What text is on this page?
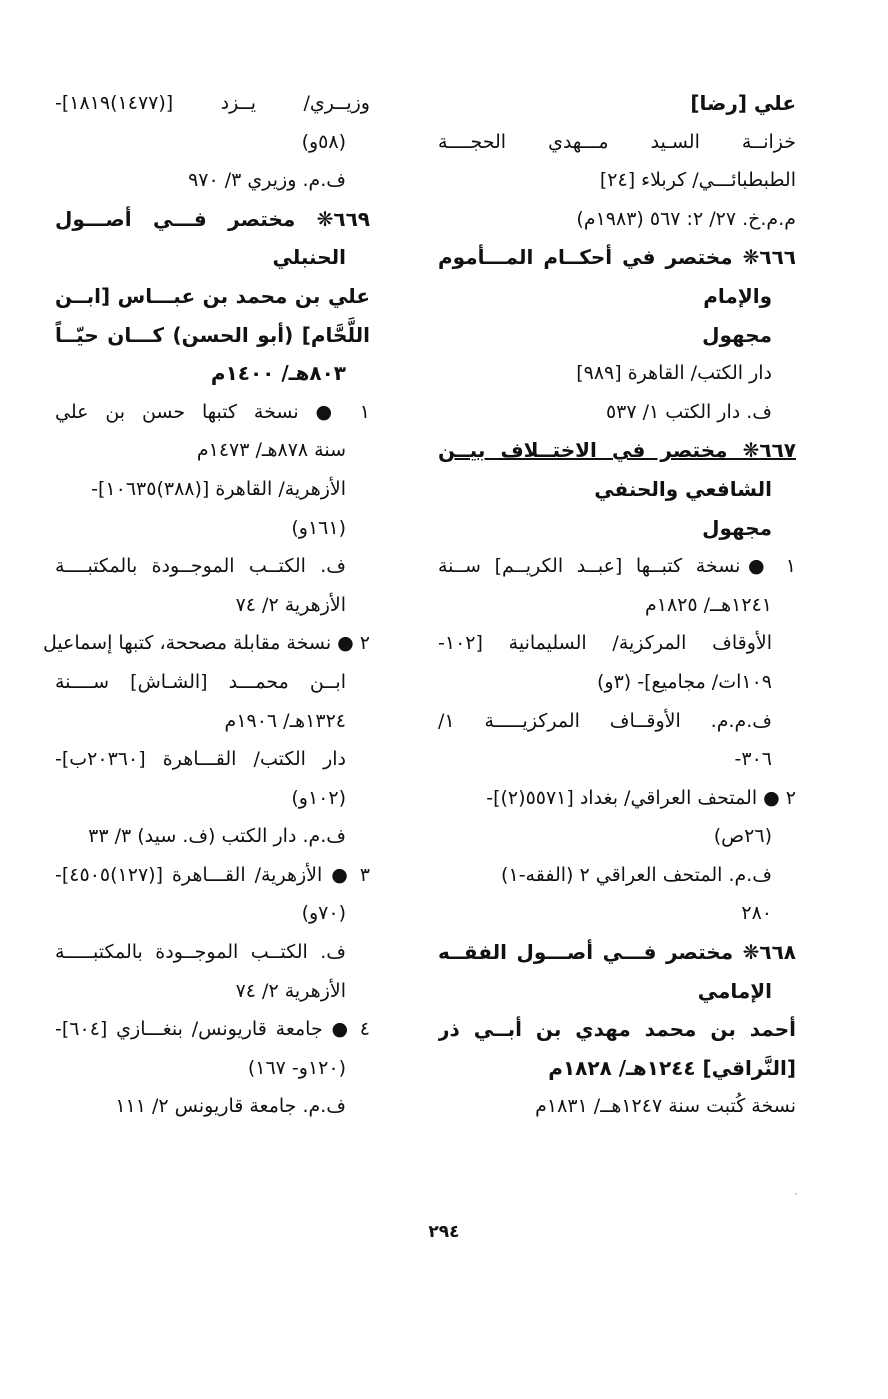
علي [رضا]
خزانــة السـيد مـــهدي الحجــــة
الطبطبائـــي/ كربلاء [٢٤]
م.م.خ. ٢٧/ ٢: ٥٦٧ (١٩٨٣م)
٦٦٦❋ مختصر في أحكــام المـــأموم
والإمام
مجهول
دار الكتب/ القاهرة [٩٨٩]
ف. دار الكتب ١/ ٥٣٧
٦٦٧❋ مختصر في الاختــلاف بيــن
الشافعي والحنفي
مجهول
١ ●نسخة كتبــها [عبــد الكريــم] ســنة
١٢٤١هــ/ ١٨٢٥م
الأوقاف المركزية/ السليمانية [١٠٢-
١٠٩ات/ مجاميع]- (٣و)
ف.م.م. الأوقــاف المركزيـــــة ١/
٣٠٦-
٢ ● المتحف العراقي/ بغداد [٥٥٧١(٢)]-
(٢٦ص)
ف.م. المتحف العراقي ٢ (الفقه-١)
٢٨٠
٦٦٨❋ مختصر فـــي أصـــول الفقــه
الإمامي
أحمد بن محمد مهدي بن أبــي ذر
[النَّراقي] ١٢٤٤هـ/ ١٨٢٨م
نسخة كُتبت سنة ١٢٤٧هــ/ ١٨٣١م
وزيــري/ يــزد [(١٤٧٧)١٨١٩]-
(٥٨و)
ف.م. وزيري ٣/ ٩٧٠
٦٦٩❋ مختصر فـــي أصـــول
الحنبلي
علي بن محمد بن عبـــاس [ابــن
اللَّحَّام] (أبو الحسن) كـــان حيّــاً
٨٠٣هـ/ ١٤٠٠م
١ ● نسخة كتبها حسن بن علي
سنة ٨٧٨هـ/ ١٤٧٣م
الأزهرية/ القاهرة [(٣٨٨)١٠٦٣٥]-
(١٦١و)
ف. الكتــب الموجــودة بالمكتبــــة
الأزهرية ٢/ ٧٤
٢ ● نسخة مقابلة مصححة، كتبها إسماعيل
ابــن محمـــد [الشـاش] ســــنة
١٣٢٤هـ/ ١٩٠٦م
دار الكتب/ القـــاهرة [٢٠٣٦٠ب]-
(١٠٢و)
ف.م. دار الكتب (ف. سيد) ٣/ ٣٣
٣ ● الأزهرية/ القـــاهرة [(١٢٧)٤٥٠٥]-
(٧٠و)
ف. الكتــب الموجــودة بالمكتبـــــة
الأزهرية ٢/ ٧٤
٤ ● جامعة قاريونس/ بنغـــازي [٦٠٤]-
(١٢٠و- ١٦٧)
ف.م. جامعة قاريونس ٢/ ١١١
٢٩٤
